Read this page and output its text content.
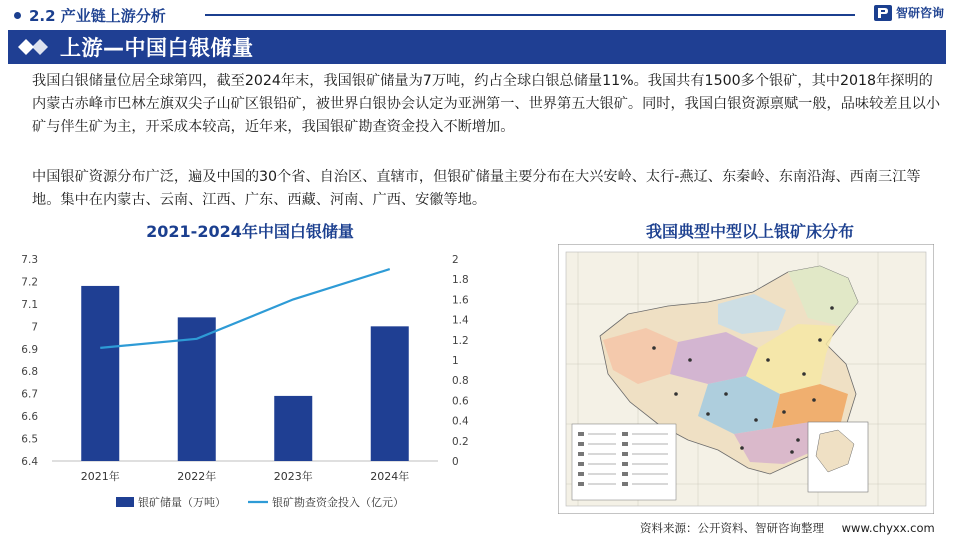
2.2 产业链上游分析	智研咨询
上游—中国白银储量

我国白银储量位居全球第四，截至2024年末，我国银矿储量为7万吨，约占全球白银总储量11%。我国共有1500多个银矿，其中2018年探明的内蒙古赤峰市巴林左旗双尖子山矿区银铅矿，被世界白银协会认定为亚洲第一、世界第五大银矿。同时，我国白银资源禀赋一般，品味较差且以小矿与伴生矿为主，开采成本较高，近年来，我国银矿勘查资金投入不断增加。

中国银矿资源分布广泛，遍及中国的30个省、自治区、直辖市，但银矿储量主要分布在大兴安岭、太行-燕辽、东秦岭、东南沿海、西南三江等地。集中在内蒙古、云南、江西、广东、西藏、河南、广西、安徽等地。

2021-2024年中国白银储量
6.4
6.5
6.6
6.7
6.8
6.9
7
7.1
7.2
7.3
0
0.2
0.4
0.6
0.8
1
1.2
1.4
1.6
1.8
2
2021年	2022年	2023年	2024年
银矿储量（万吨）	银矿勘查资金投入（亿元）
我国典型中型以上银矿床分布
资料来源：公开资料、智研咨询整理 www.chyxx.com
